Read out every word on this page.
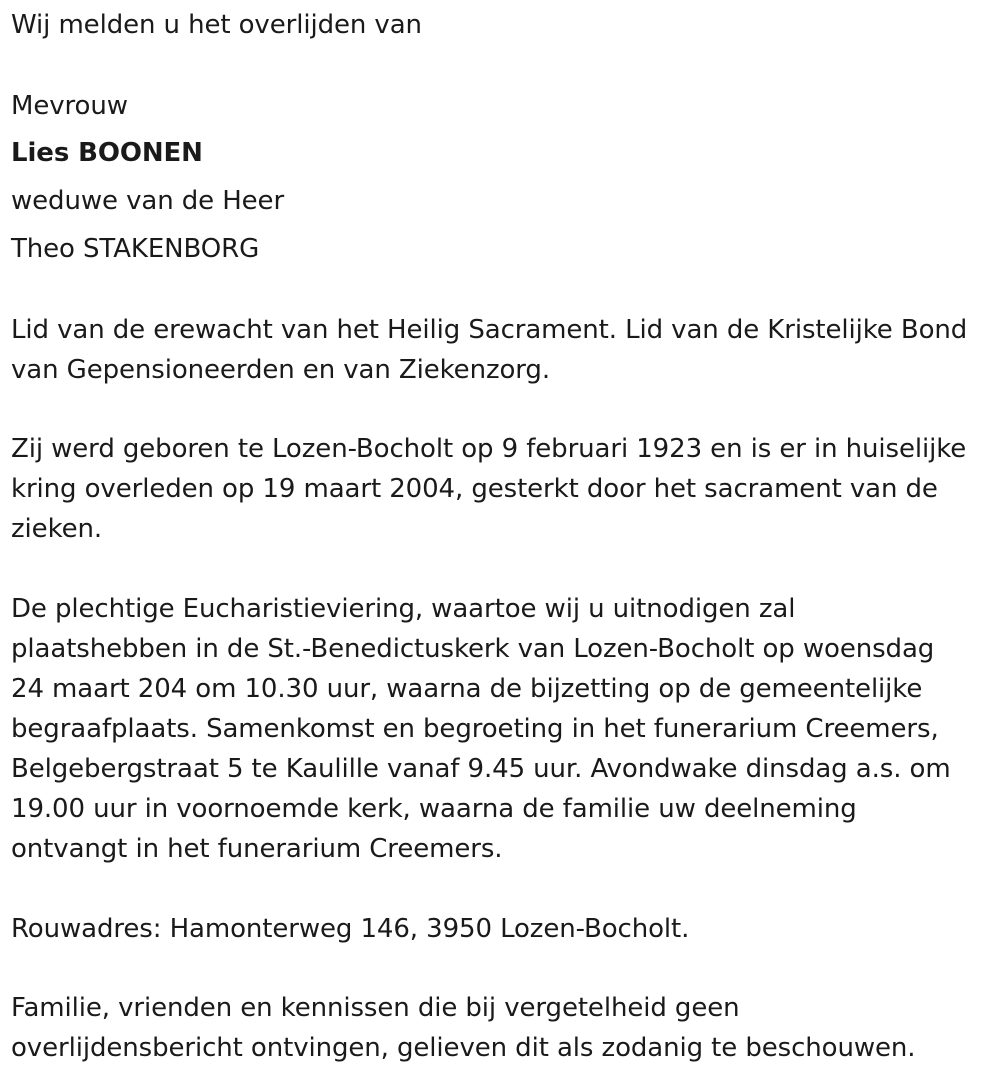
Wij melden u het overlijden van
Mevrouw
Lies BOONEN
weduwe van de Heer
Theo STAKENBORG
Lid van de erewacht van het Heilig Sacrament. Lid van de Kristelijke Bond
van Gepensioneerden en van Ziekenzorg.
Zij werd geboren te Lozen-Bocholt op 9 februari 1923 en is er in huiselijke
kring overleden op 19 maart 2004, gesterkt door het sacrament van de
zieken.
De plechtige Eucharistieviering, waartoe wij u uitnodigen zal
plaatshebben in de St.-Benedictuskerk van Lozen-Bocholt op woensdag
24 maart 204 om 10.30 uur, waarna de bijzetting op de gemeentelijke
begraafplaats. Samenkomst en begroeting in het funerarium Creemers,
Belgebergstraat 5 te Kaulille vanaf 9.45 uur. Avondwake dinsdag a.s. om
19.00 uur in voornoemde kerk, waarna de familie uw deelneming
ontvangt in het funerarium Creemers.
Rouwadres: Hamonterweg 146, 3950 Lozen-Bocholt.
Familie, vrienden en kennissen die bij vergetelheid geen
overlijdensbericht ontvingen, gelieven dit als zodanig te beschouwen.
